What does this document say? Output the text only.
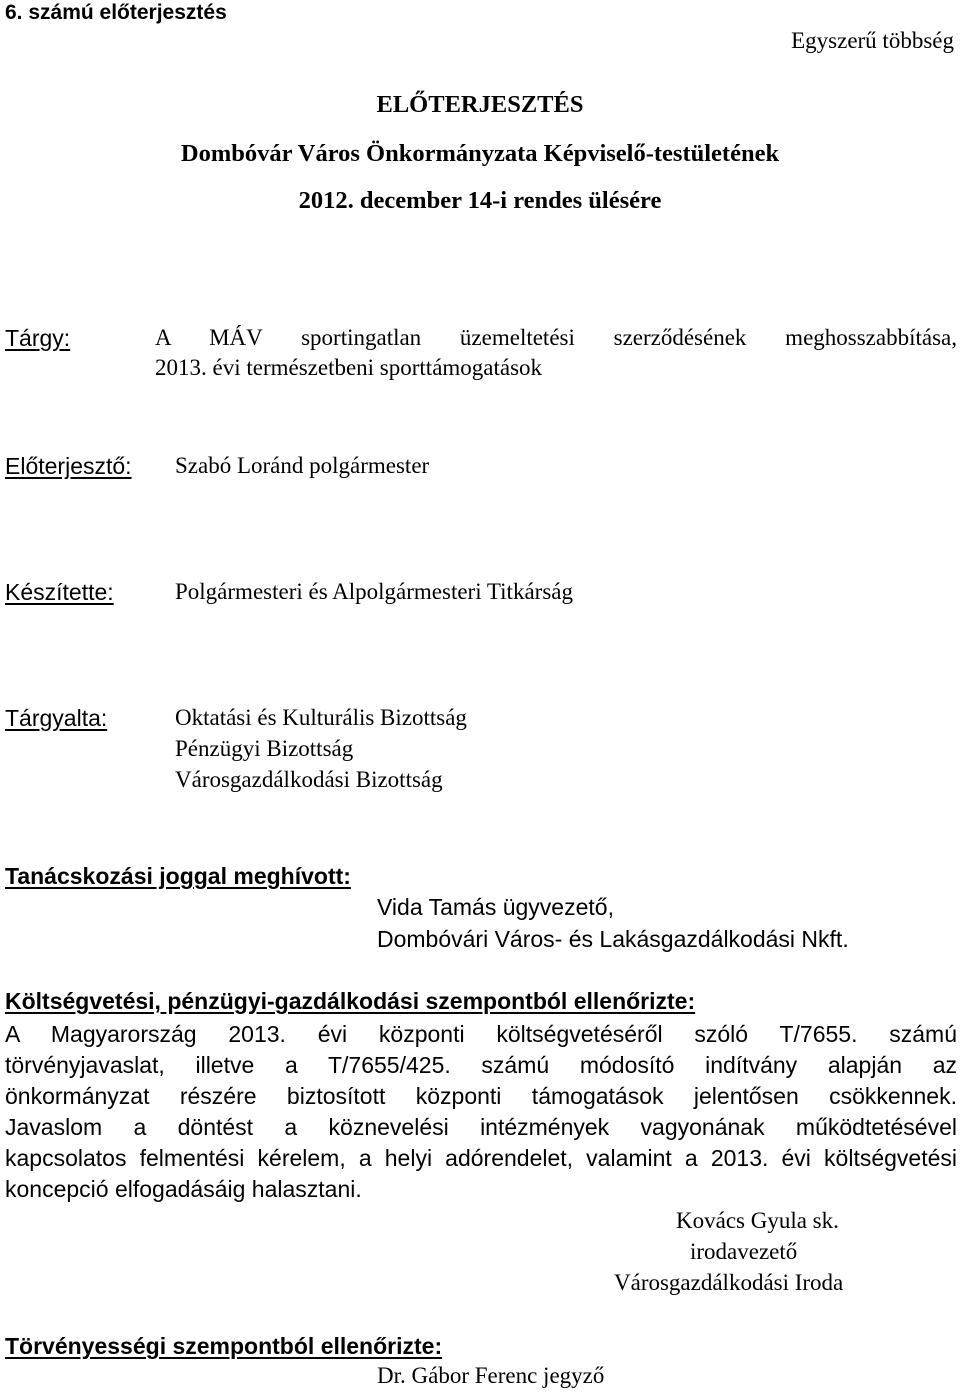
6. számú előterjesztés
Egyszerű többség
ELŐTERJESZTÉS
Dombóvár Város Önkormányzata Képviselő-testületének
2012. december 14-i rendes ülésére
Tárgy:	A MÁV sportingatlan üzemeltetési szerződésének meghosszabbítása,
2013. évi természetbeni sporttámogatások
Előterjesztő: Szabó Loránd polgármester
Készítette:	Polgármesteri és Alpolgármesteri Titkárság
Tárgyalta:	Oktatási és Kulturális Bizottság
Pénzügyi Bizottság
Városgazdálkodási Bizottság
Tanácskozási joggal meghívott:
Vida Tamás ügyvezető,
Dombóvári Város- és Lakásgazdálkodási Nkft.
Költségvetési, pénzügyi-gazdálkodási szempontból ellenőrizte:
A Magyarország 2013. évi központi költségvetéséről szóló T/7655. számú
törvényjavaslat, illetve a T/7655/425. számú módosító indítvány alapján az
önkormányzat részére biztosított központi támogatások jelentősen csökkennek.
Javaslom a döntést a köznevelési intézmények vagyonának működtetésével
kapcsolatos felmentési kérelem, a helyi adórendelet, valamint a 2013. évi költségvetési
koncepció elfogadásáig halasztani.
Kovács Gyula sk.
irodavezető
Városgazdálkodási Iroda
Törvényességi szempontból ellenőrizte:
Dr. Gábor Ferenc jegyző
